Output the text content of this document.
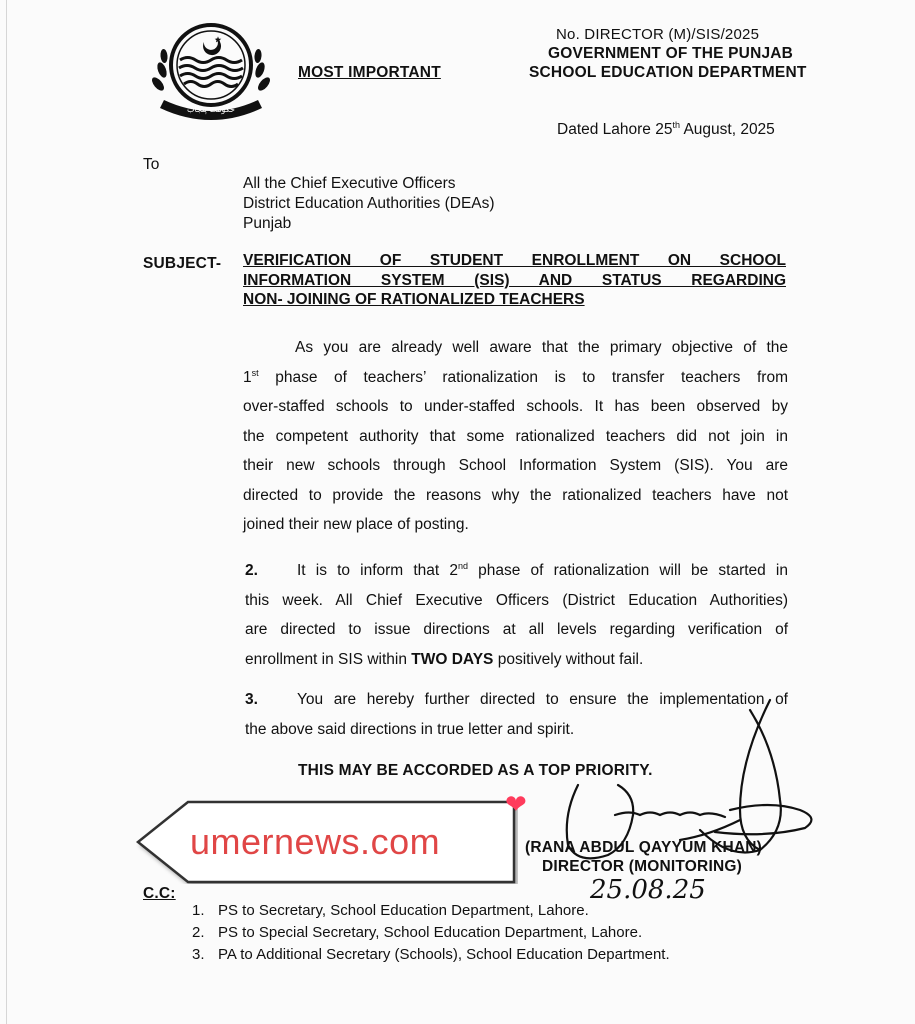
حکومت پنجاب
No. DIRECTOR (M)/SIS/2025
GOVERNMENT OF THE PUNJAB
SCHOOL EDUCATION DEPARTMENT
MOST IMPORTANT
Dated Lahore 25th August, 2025
To
All the Chief Executive Officers
District Education Authorities (DEAs)
Punjab
SUBJECT- VERIFICATION OF STUDENT ENROLLMENT ON SCHOOL
INFORMATION SYSTEM (SIS) AND STATUS REGARDING
NON- JOINING OF RATIONALIZED TEACHERS
As you are already well aware that the primary objective of the
1st phase of teachers’ rationalization is to transfer teachers from
over-staffed schools to under-staffed schools. It has been observed by
the competent authority that some rationalized teachers did not join in
their new schools through School Information System (SIS). You are
directed to provide the reasons why the rationalized teachers have not
joined their new place of posting.
2.	It is to inform that 2nd phase of rationalization will be started in
this week. All Chief Executive Officers (District Education Authorities)
are directed to issue directions at all levels regarding verification of
enrollment in SIS within TWO DAYS positively without fail.
3.	You are hereby further directed to ensure the implementation of
the above said directions in true letter and spirit.
THIS MAY BE ACCORDED AS A TOP PRIORITY.
25.08.25
(RANA ABDUL QAYYUM KHAN)
DIRECTOR (MONITORING)
C.C:
1. PS to Secretary, School Education Department, Lahore.
2. PS to Special Secretary, School Education Department, Lahore.
3. PA to Additional Secretary (Schools), School Education Department.
umernews.com
❤
